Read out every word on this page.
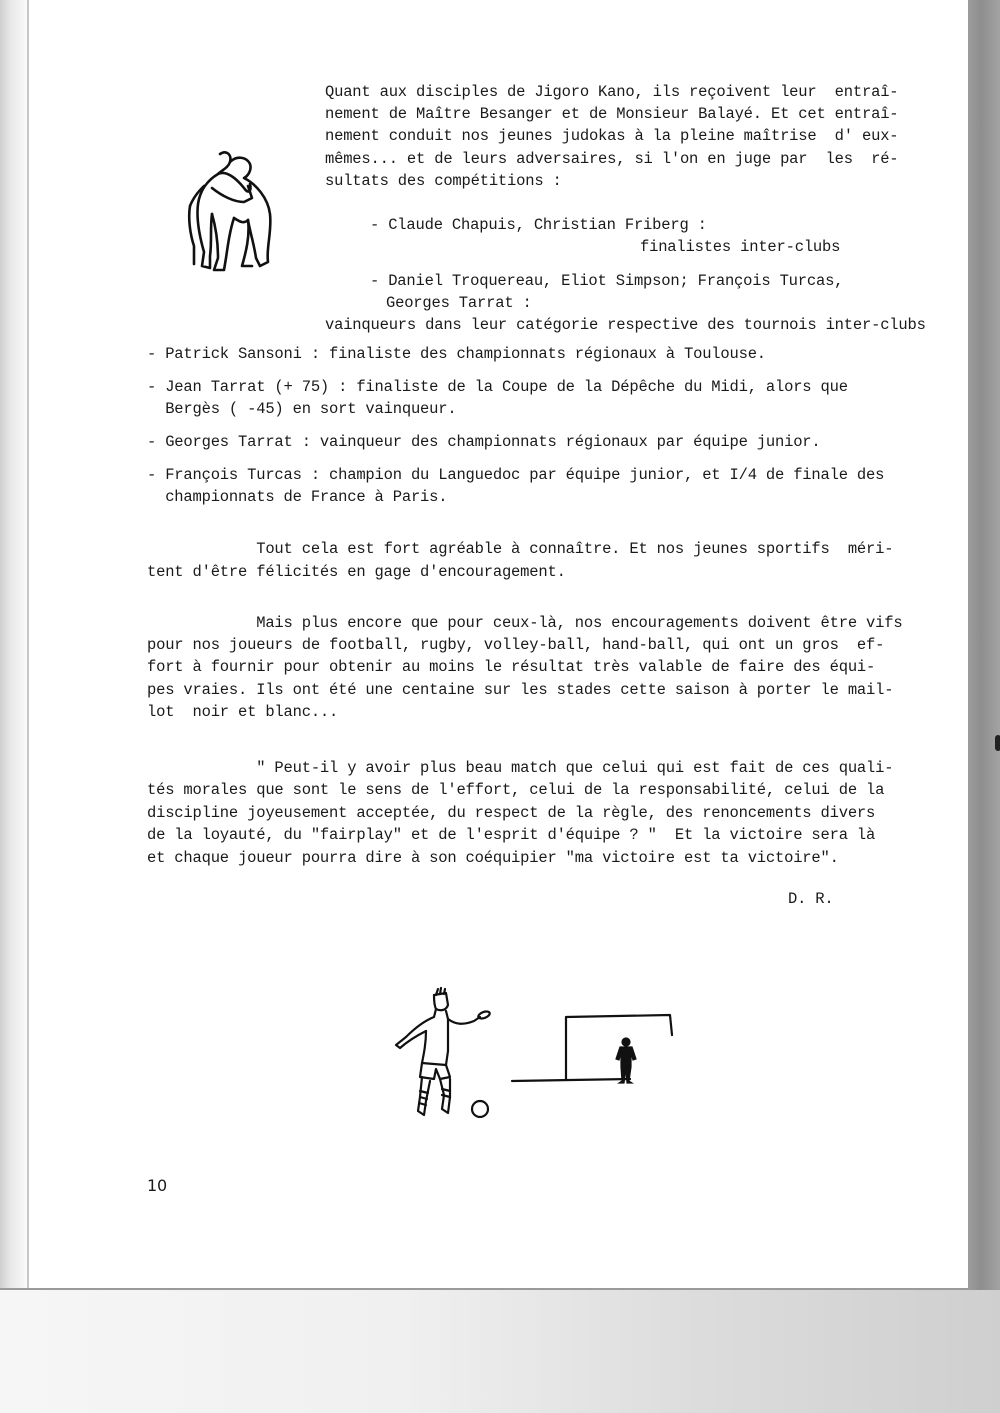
Quant aux disciples de Jigoro Kano, ils reçoivent leur  entraî-
nement de Maître Besanger et de Monsieur Balayé. Et cet entraî-
nement conduit nos jeunes judokas à la pleine maîtrise  d' eux-
mêmes... et de leurs adversaires, si l'on en juge par  les  ré-
sultats des compétitions :
- Claude Chapuis, Christian Friberg :
finalistes inter-clubs
- Daniel Troquereau, Eliot Simpson; François Turcas,
Georges Tarrat :
vainqueurs dans leur catégorie respective des tournois inter-clubs
- Patrick Sansoni : finaliste des championnats régionaux à Toulouse.
- Jean Tarrat (+ 75) : finaliste de la Coupe de la Dépêche du Midi, alors que
Bergès ( -45) en sort vainqueur.
- Georges Tarrat : vainqueur des championnats régionaux par équipe junior.
- François Turcas : champion du Languedoc par équipe junior, et I/4 de finale des
championnats de France à Paris.
Tout cela est fort agréable à connaître. Et nos jeunes sportifs  méri-
tent d'être félicités en gage d'encouragement.
Mais plus encore que pour ceux-là, nos encouragements doivent être vifs
pour nos joueurs de football, rugby, volley-ball, hand-ball, qui ont un gros  ef-
fort à fournir pour obtenir au moins le résultat très valable de faire des équi-
pes vraies. Ils ont été une centaine sur les stades cette saison à porter le mail-
lot  noir et blanc...
" Peut-il y avoir plus beau match que celui qui est fait de ces quali-
tés morales que sont le sens de l'effort, celui de la responsabilité, celui de la
discipline joyeusement acceptée, du respect de la règle, des renoncements divers
de la loyauté, du "fairplay" et de l'esprit d'équipe ? "  Et la victoire sera là
et chaque joueur pourra dire à son coéquipier "ma victoire est ta victoire".
D. R.
10
